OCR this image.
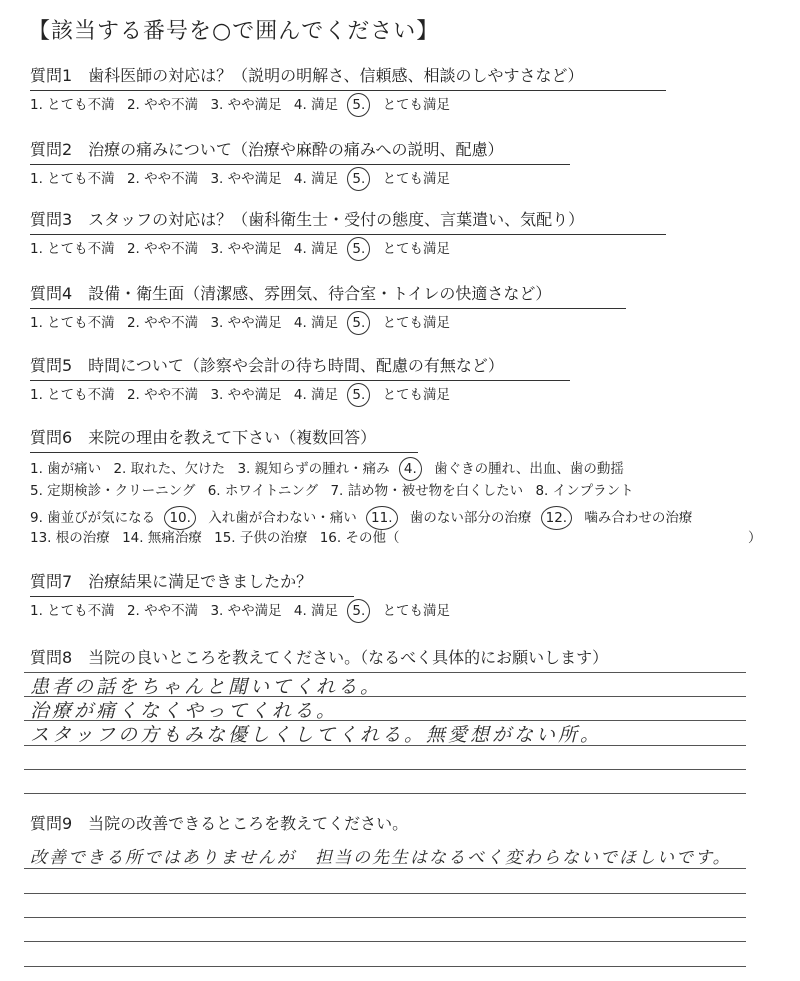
【該当する番号を○で囲んでください】
質問1　歯科医師の対応は？（説明の明解さ、信頼感、相談のしやすさなど）
1. とても不満 2. やや不満 3. やや満足 4. 満足 5. とても満足
質問2　治療の痛みについて（治療や麻酔の痛みへの説明、配慮）
1. とても不満 2. やや不満 3. やや満足 4. 満足 5. とても満足
質問3　スタッフの対応は？（歯科衛生士・受付の態度、言葉遣い、気配り）
1. とても不満 2. やや不満 3. やや満足 4. 満足 5. とても満足
質問4　設備・衛生面（清潔感、雰囲気、待合室・トイレの快適さなど）
1. とても不満 2. やや不満 3. やや満足 4. 満足 5. とても満足
質問5　時間について（診察や会計の待ち時間、配慮の有無など）
1. とても不満 2. やや不満 3. やや満足 4. 満足 5. とても満足
質問6　来院の理由を教えて下さい（複数回答）
1. 歯が痛い 2. 取れた、欠けた 3. 親知らずの腫れ・痛み 4. 歯ぐきの腫れ、出血、歯の動揺
5. 定期検診・クリーニング 6. ホワイトニング 7. 詰め物・被せ物を白くしたい 8. インプラント
9. 歯並びが気になる 10. 入れ歯が合わない・痛い 11. 歯のない部分の治療 12. 噛み合わせの治療
13. 根の治療 14. 無痛治療 15. 子供の治療 16. その他（	）
質問7　治療結果に満足できましたか？
1. とても不満 2. やや不満 3. やや満足 4. 満足 5. とても満足
質問8　当院の良いところを教えてください。（なるべく具体的にお願いします）
患者の話をちゃんと聞いてくれる。
治療が痛くなくやってくれる。
スタッフの方もみな優しくしてくれる。無愛想がない所。
質問9　当院の改善できるところを教えてください。
改善できる所ではありませんが　担当の先生はなるべく変わらないでほしいです。
